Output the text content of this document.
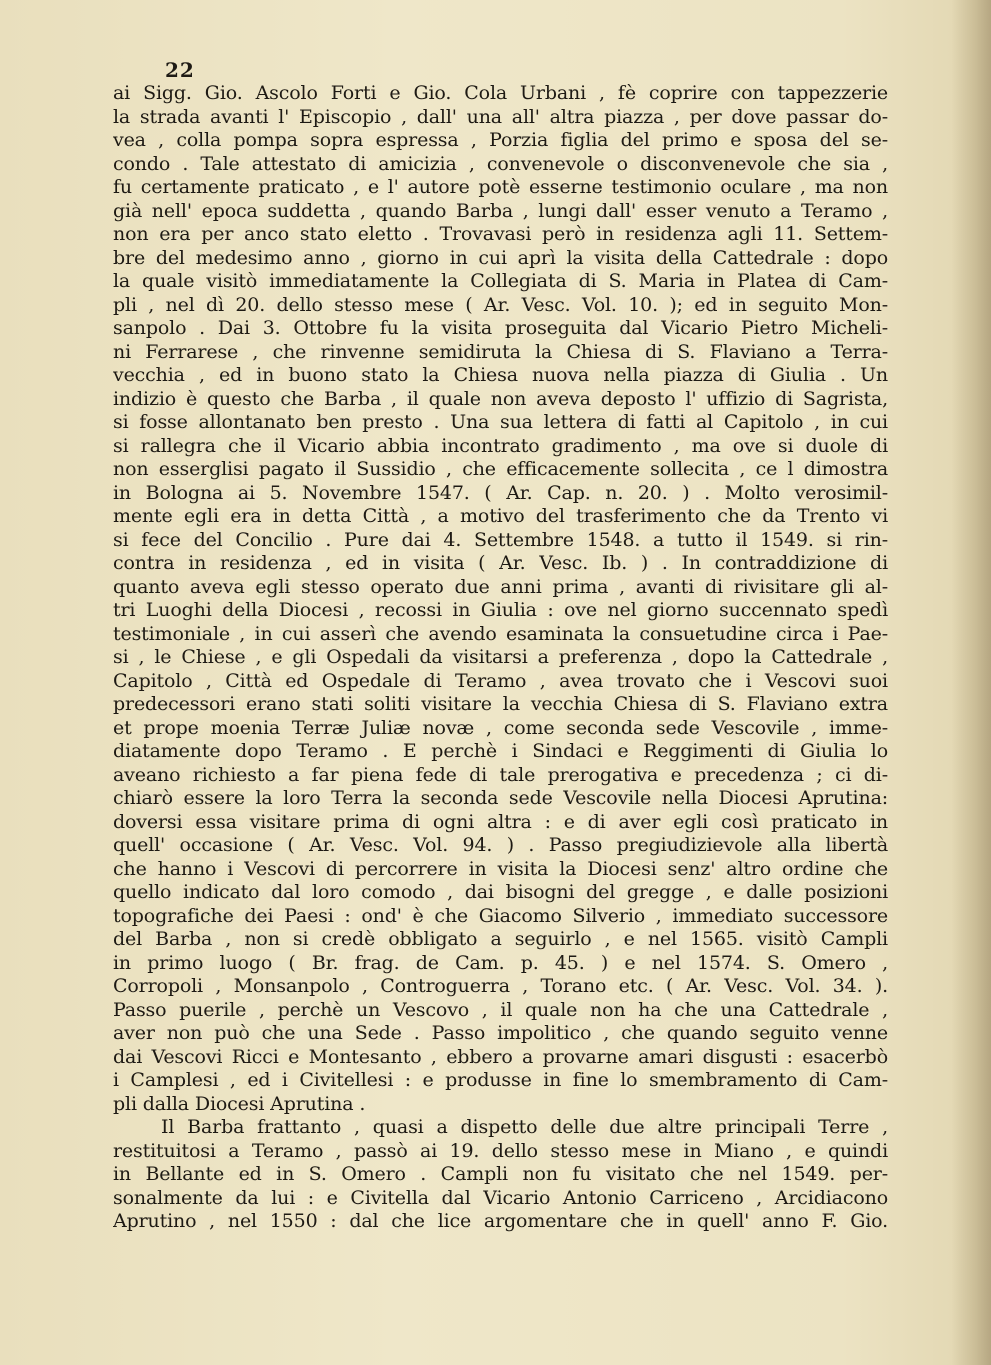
22
ai Sigg. Gio. Ascolo Forti e Gio. Cola Urbani , fè coprire con tappezzerie
la strada avanti l' Episcopio , dall' una all' altra piazza , per dove passar do-
vea , colla pompa sopra espressa , Porzia figlia del primo e sposa del se-
condo . Tale attestato di amicizia , convenevole o disconvenevole che sia ,
fu certamente praticato , e l' autore potè esserne testimonio oculare , ma non
già nell' epoca suddetta , quando Barba , lungi dall' esser venuto a Teramo ,
non era per anco stato eletto . Trovavasi però in residenza agli 11. Settem-
bre del medesimo anno , giorno in cui aprì la visita della Cattedrale : dopo
la quale visitò immediatamente la Collegiata di S. Maria in Platea di Cam-
pli , nel dì 20. dello stesso mese ( Ar. Vesc. Vol. 10. ); ed in seguito Mon-
sanpolo . Dai 3. Ottobre fu la visita proseguita dal Vicario Pietro Micheli-
ni Ferrarese , che rinvenne semidiruta la Chiesa di S. Flaviano a Terra-
vecchia , ed in buono stato la Chiesa nuova nella piazza di Giulia . Un
indizio è questo che Barba , il quale non aveva deposto l' uffizio di Sagrista,
si fosse allontanato ben presto . Una sua lettera di fatti al Capitolo , in cui
si rallegra che il Vicario abbia incontrato gradimento , ma ove si duole di
non esserglisi pagato il Sussidio , che efficacemente sollecita , ce l dimostra
in Bologna ai 5. Novembre 1547. ( Ar. Cap. n. 20. ) . Molto verosimil-
mente egli era in detta Città , a motivo del trasferimento che da Trento vi
si fece del Concilio . Pure dai 4. Settembre 1548. a tutto il 1549. si rin-
contra in residenza , ed in visita ( Ar. Vesc. Ib. ) . In contraddizione di
quanto aveva egli stesso operato due anni prima , avanti di rivisitare gli al-
tri Luoghi della Diocesi , recossi in Giulia : ove nel giorno succennato spedì
testimoniale , in cui asserì che avendo esaminata la consuetudine circa i Pae-
si , le Chiese , e gli Ospedali da visitarsi a preferenza , dopo la Cattedrale ,
Capitolo , Città ed Ospedale di Teramo , avea trovato che i Vescovi suoi
predecessori erano stati soliti visitare la vecchia Chiesa di S. Flaviano extra
et prope moenia Terræ Juliæ novæ , come seconda sede Vescovile , imme-
diatamente dopo Teramo . E perchè i Sindaci e Reggimenti di Giulia lo
aveano richiesto a far piena fede di tale prerogativa e precedenza ; ci di-
chiarò essere la loro Terra la seconda sede Vescovile nella Diocesi Aprutina:
doversi essa visitare prima di ogni altra : e di aver egli così praticato in
quell' occasione ( Ar. Vesc. Vol. 94. ) . Passo pregiudizievole alla libertà
che hanno i Vescovi di percorrere in visita la Diocesi senz' altro ordine che
quello indicato dal loro comodo , dai bisogni del gregge , e dalle posizioni
topografiche dei Paesi : ond' è che Giacomo Silverio , immediato successore
del Barba , non si credè obbligato a seguirlo , e nel 1565. visitò Campli
in primo luogo ( Br. frag. de Cam. p. 45. ) e nel 1574. S. Omero ,
Corropoli , Monsanpolo , Controguerra , Torano etc. ( Ar. Vesc. Vol. 34. ).
Passo puerile , perchè un Vescovo , il quale non ha che una Cattedrale ,
aver non può che una Sede . Passo impolitico , che quando seguito venne
dai Vescovi Ricci e Montesanto , ebbero a provarne amari disgusti : esacerbò
i Camplesi , ed i Civitellesi : e produsse in fine lo smembramento di Cam-
pli dalla Diocesi Aprutina .
Il Barba frattanto , quasi a dispetto delle due altre principali Terre ,
restituitosi a Teramo , passò ai 19. dello stesso mese in Miano , e quindi
in Bellante ed in S. Omero . Campli non fu visitato che nel 1549. per-
sonalmente da lui : e Civitella dal Vicario Antonio Carriceno , Arcidiacono
Aprutino , nel 1550 : dal che lice argomentare che in quell' anno F. Gio.
